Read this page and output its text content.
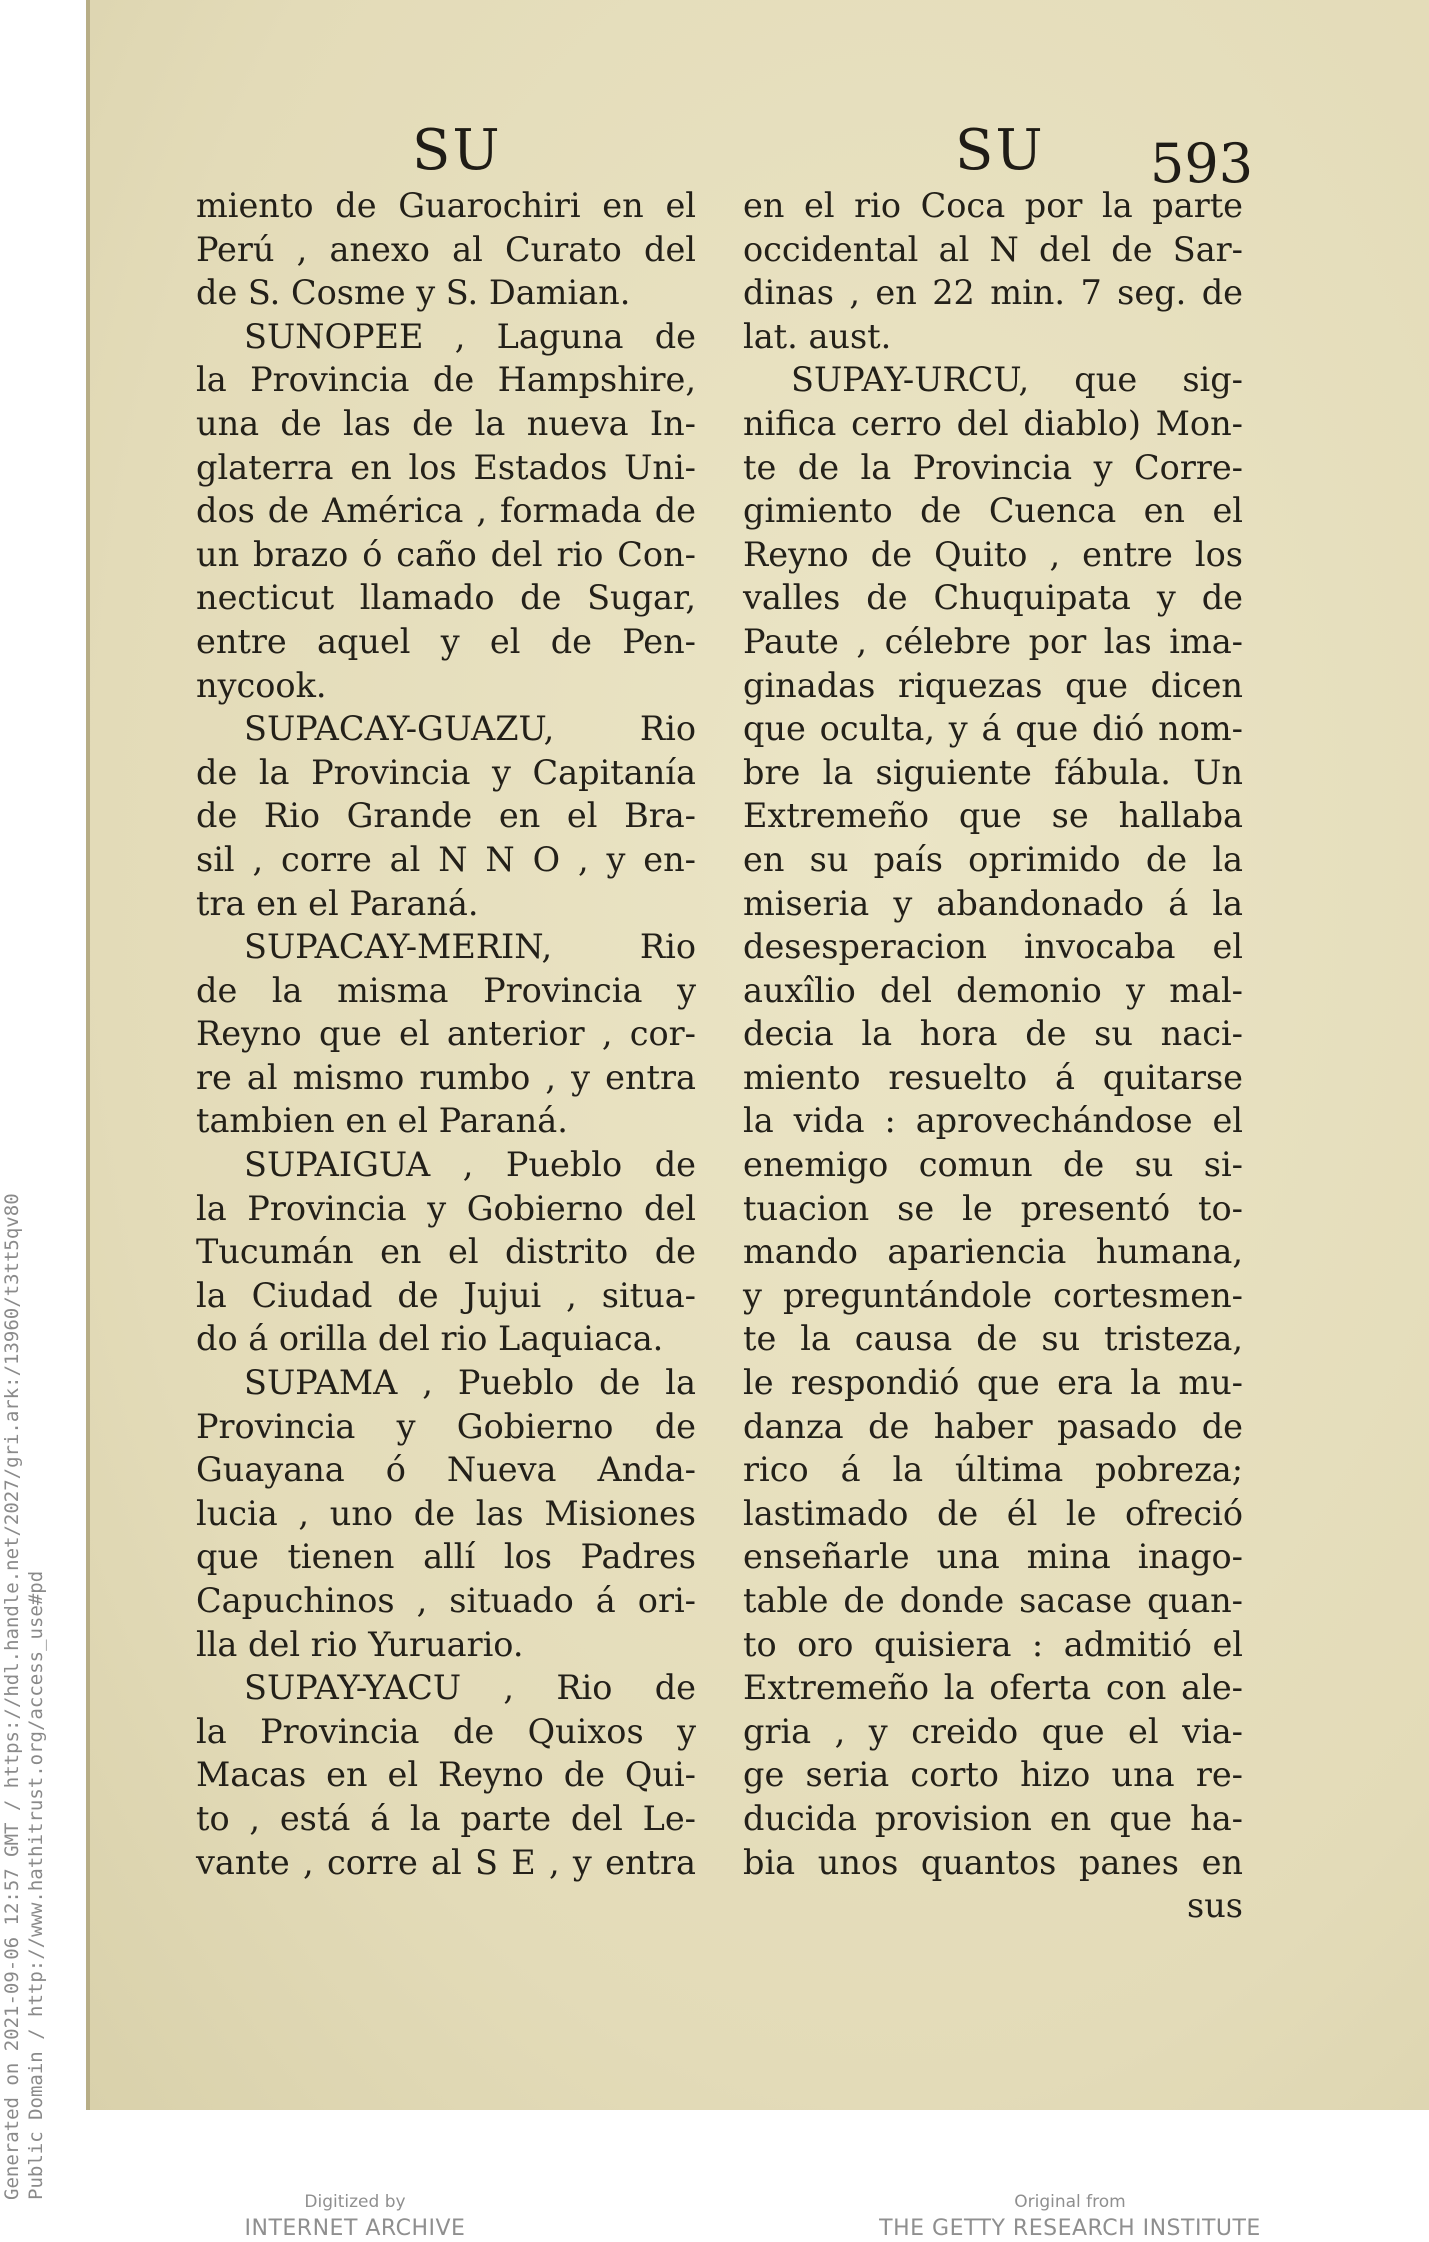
SU	SU 593
miento de Guarochiri en el
Perú , anexo al Curato del
de S. Cosme y S. Damian.
SUNOPEE , Laguna de
la Provincia de Hampshire,
una de las de la nueva In-
glaterra en los Estados Uni-
dos de América , formada de
un brazo ó caño del rio Con-
necticut llamado de Sugar,
entre aquel y el de Pen-
nycook.
SUPACAY-GUAZU, Rio
de la Provincia y Capitanía
de Rio Grande en el Bra-
sil , corre al N N O , y en-
tra en el Paraná.
SUPACAY-MERIN, Rio
de la misma Provincia y
Reyno que el anterior , cor-
re al mismo rumbo , y entra
tambien en el Paraná.
SUPAIGUA , Pueblo de
la Provincia y Gobierno del
Tucumán en el distrito de
la Ciudad de Jujui , situa-
do á orilla del rio Laquiaca.
SUPAMA , Pueblo de la
Provincia y Gobierno de
Guayana ó Nueva Anda-
lucia , uno de las Misiones
que tienen allí los Padres
Capuchinos , situado á ori-
lla del rio Yuruario.
SUPAY-YACU , Rio de
la Provincia de Quixos y
Macas en el Reyno de Qui-
to , está á la parte del Le-
vante , corre al S E , y entra
en el rio Coca por la parte
occidental al N del de Sar-
dinas , en 22 min. 7 seg. de
lat. aust.
SUPAY-URCU, que sig-
nifica cerro del diablo) Mon-
te de la Provincia y Corre-
gimiento de Cuenca en el
Reyno de Quito , entre los
valles de Chuquipata y de
Paute , célebre por las ima-
ginadas riquezas que dicen
que oculta, y á que dió nom-
bre la siguiente fábula. Un
Extremeño que se hallaba
en su país oprimido de la
miseria y abandonado á la
desesperacion invocaba el
auxîlio del demonio y mal-
decia la hora de su naci-
miento resuelto á quitarse
la vida : aprovechándose el
enemigo comun de su si-
tuacion se le presentó to-
mando apariencia humana,
y preguntándole cortesmen-
te la causa de su tristeza,
le respondió que era la mu-
danza de haber pasado de
rico á la última pobreza;
lastimado de él le ofreció
enseñarle una mina inago-
table de donde sacase quan-
to oro quisiera : admitió el
Extremeño la oferta con ale-
gria , y creido que el via-
ge seria corto hizo una re-
ducida provision en que ha-
bia unos quantos panes en
sus
Generated on 2021-09-06 12:57 GMT / https://hdl.handle.net/2027/gri.ark:/13960/t3tt5qv80 Public Domain / http://www.hathitrust.org/access_use#pd
Digitized by
INTERNET ARCHIVE
Original from
THE GETTY RESEARCH INSTITUTE
